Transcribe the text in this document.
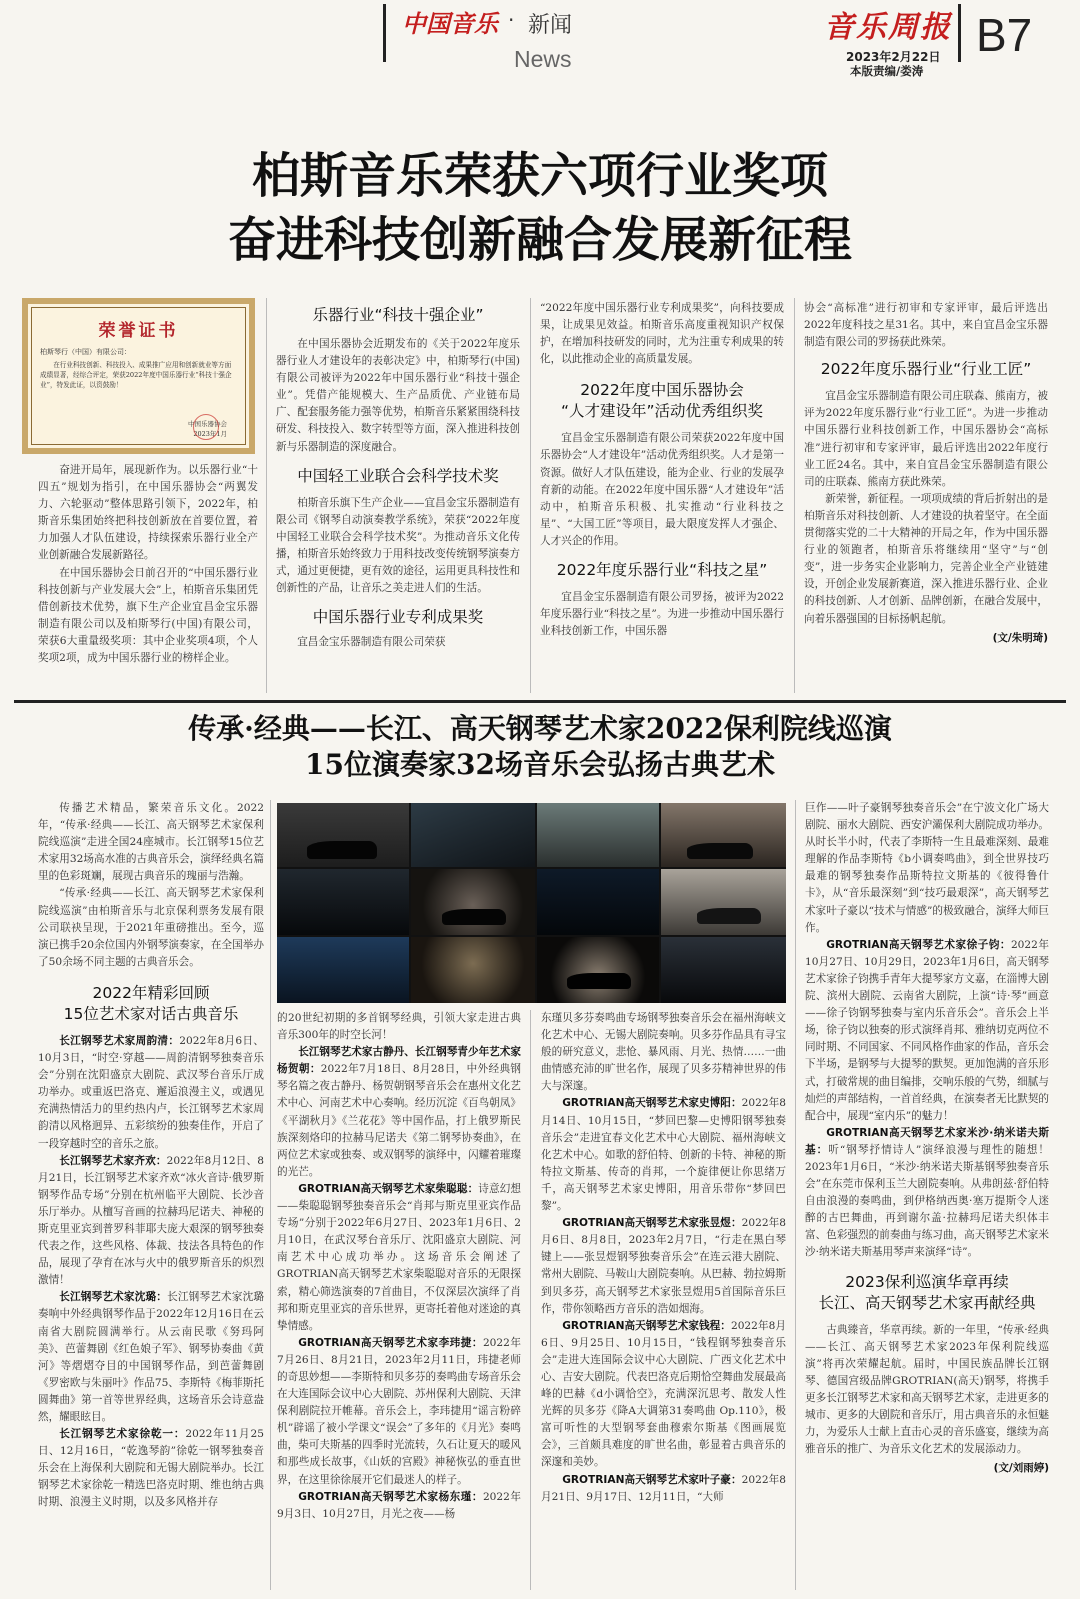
中国音乐 · 新闻
News
音乐周报
2023年2月22日
本版责编/娄涛
B7
柏斯音乐荣获六项行业奖项
奋进科技创新融合发展新征程
荣誉证书
柏斯琴行（中国）有限公司：
在行业科技创新、科技投入、成果推广应用和创新就业等方面成绩显著，经综合评定，荣获2022年度中国乐器行业“科技十强企业”，特发此证，以资鼓励！
中国乐器协会
2023年1月
奋进开局年，展现新作为。以乐器行业“十四五”规划为指引，在中国乐器协会“两翼发力、六轮驱动”整体思路引领下，2022年，柏斯音乐集团始终把科技创新放在首要位置，着力加强人才队伍建设，持续探索乐器行业全产业创新融合发展新路径。
在中国乐器协会日前召开的“中国乐器行业科技创新与产业发展大会”上，柏斯音乐集团凭借创新技术优势，旗下生产企业宜昌金宝乐器制造有限公司以及柏斯琴行(中国)有限公司，荣获6大重量级奖项：其中企业奖项4项，个人奖项2项，成为中国乐器行业的榜样企业。
乐器行业“科技十强企业”
在中国乐器协会近期发布的《关于2022年度乐器行业人才建设年的表彰决定》中，柏斯琴行(中国)有限公司被评为2022年中国乐器行业“科技十强企业”。凭借产能规模大、生产品质优、产业链布局广、配套服务能力强等优势，柏斯音乐紧紧围绕科技研发、科技投入、数字转型等方面，深入推进科技创新与乐器制造的深度融合。
中国轻工业联合会科学技术奖
柏斯音乐旗下生产企业——宜昌金宝乐器制造有限公司《钢琴自动演奏教学系统》，荣获“2022年度中国轻工业联合会科学技术奖”。为推动音乐文化传播，柏斯音乐始终致力于用科技改变传统钢琴演奏方式，通过更便捷，更有效的途径，运用更具科技性和创新性的产品，让音乐之美走进人们的生活。
中国乐器行业专利成果奖
宜昌金宝乐器制造有限公司荣获
“2022年度中国乐器行业专利成果奖”，向科技要成果，让成果见效益。柏斯音乐高度重视知识产权保护，在增加科技研发的同时，尤为注重专利成果的转化，以此推动企业的高质量发展。
2022年度中国乐器协会
“人才建设年”活动优秀组织奖
宜昌金宝乐器制造有限公司荣获2022年度中国乐器协会“人才建设年”活动优秀组织奖。人才是第一资源。做好人才队伍建设，能为企业、行业的发展孕育新的动能。在2022年度中国乐器“人才建设年”活动中，柏斯音乐积极、扎实推动“行业科技之星”、“大国工匠”等项目，最大限度发挥人才强企、人才兴企的作用。
2022年度乐器行业“科技之星”
宜昌金宝乐器制造有限公司罗扬，被评为2022年度乐器行业“科技之星”。为进一步推动中国乐器行业科技创新工作，中国乐器
协会“高标准”进行初审和专家评审，最后评选出2022年度科技之星31名。其中，来自宜昌金宝乐器制造有限公司的罗扬获此殊荣。
2022年度乐器行业“行业工匠”
宜昌金宝乐器制造有限公司庄联森、熊南方，被评为2022年度乐器行业“行业工匠”。为进一步推动中国乐器行业科技创新工作，中国乐器协会“高标准”进行初审和专家评审，最后评选出2022年度行业工匠24名。其中，来自宜昌金宝乐器制造有限公司的庄联森、熊南方获此殊荣。
新荣誉，新征程。一项项成绩的背后折射出的是柏斯音乐对科技创新、人才建设的执着坚守。在全面贯彻落实党的二十大精神的开局之年，作为中国乐器行业的领跑者，柏斯音乐将继续用“坚守”与“创变”，进一步务实企业影响力，完善企业全产业链建设，开创企业发展新赛道，深入推进乐器行业、企业的科技创新、人才创新、品牌创新，在融合发展中，向着乐器强国的目标扬帆起航。
(文/朱明琦)
传承·经典——长江、高天钢琴艺术家2022保利院线巡演
15位演奏家32场音乐会弘扬古典艺术
传播艺术精品，繁荣音乐文化。2022年，“传承·经典——长江、高天钢琴艺术家保利院线巡演”走进全国24座城市。长江钢琴15位艺术家用32场高水准的古典音乐会，演绎经典名篇里的色彩斑斓，展现古典音乐的瑰丽与浩瀚。
“传承·经典——长江、高天钢琴艺术家保利院线巡演”由柏斯音乐与北京保利票务发展有限公司联袂呈现，于2021年重磅推出。至今，巡演已携手20余位国内外钢琴演奏家，在全国举办了50余场不同主题的古典音乐会。
2022年精彩回顾
15位艺术家对话古典音乐
长江钢琴艺术家周韵清：2022年8月6日、10月3日，“时空·穿越——周韵清钢琴独奏音乐会”分别在沈阳盛京大剧院、武汉琴台音乐厅成功举办。或重返巴洛克、邂逅浪漫主义，或遇见充满热情活力的里约热内卢，长江钢琴艺术家周韵清以风格迥异、五彩缤纷的独奏佳作，开启了一段穿越时空的音乐之旅。
长江钢琴艺术家齐欢：2022年8月12日、8月21日，长江钢琴艺术家齐欢“冰火音诗·俄罗斯钢琴作品专场”分别在杭州临平大剧院、长沙音乐厅举办。从檀写音画的拉赫玛尼诺夫、神秘的斯克里亚宾到普罗科菲耶夫庞大艰深的钢琴独奏代表之作，这些风格、体裁、技法各具特色的作品，展现了孕育在冰与火中的俄罗斯音乐的炽烈激情！
长江钢琴艺术家沈璐：长江钢琴艺术家沈璐奏响中外经典钢琴作品于2022年12月16日在云南省大剧院圆满举行。从云南民歌《努玛阿美》、芭蕾舞剧《红色娘子军》、钢琴协奏曲《黄河》等熠熠夺目的中国钢琴作品，到芭蕾舞剧《罗密欧与朱丽叶》作品75、李斯特《梅菲斯托圆舞曲》第一首等世界经典，这场音乐会诗意盎然，耀眼眩目。
长江钢琴艺术家徐乾一：2022年11月25日、12月16日，“乾逸琴韵”徐乾一钢琴独奏音乐会在上海保利大剧院和无锡大剧院举办。长江钢琴艺术家徐乾一精选巴洛克时期、维也纳古典时期、浪漫主义时期，以及多风格并存
的20世纪初期的多首钢琴经典，引领大家走进古典音乐300年的时空长河！
长江钢琴艺术家古静丹、长江钢琴青少年艺术家杨贺朝：2022年7月18日、8月28日，中外经典钢琴名篇之夜古静丹、杨贺朝钢琴音乐会在惠州文化艺术中心、河南艺术中心奏响。经历沉淀《百鸟朝凤》《平湖秋月》《兰花花》等中国作品，打上俄罗斯民族深刻烙印的拉赫马尼诺夫《第二钢琴协奏曲》，在两位艺术家或独奏、或双钢琴的演绎中，闪耀着璀璨的光芒。
GROTRIAN高天钢琴艺术家柴聪聪：诗意幻想——柴聪聪钢琴独奏音乐会“肖邦与斯克里亚宾作品专场”分别于2022年6月27日、2023年1月6日、2月10日，在武汉琴台音乐厅、沈阳盛京大剧院、河南艺术中心成功举办。这场音乐会阐述了GROTRIAN高天钢琴艺术家柴聪聪对音乐的无限探索，精心筛选演奏的7首曲目，不仅深层次演绎了肖邦和斯克里亚宾的音乐世界，更寄托着他对迷途的真挚情感。
GROTRIAN高天钢琴艺术家李玮捷：2022年7月26日、8月21日，2023年2月11日，玮捷老师的奇思妙想——李斯特和贝多芬的奏鸣曲专场音乐会在大连国际会议中心大剧院、苏州保利大剧院、天津保利剧院拉开帷幕。音乐会上，李玮捷用“谣言粉碎机”辟谣了被小学课文“误会”了多年的《月光》奏鸣曲，柴可夫斯基的四季时光流转，久石让夏天的暖风和那些成长故事，《山妖的宫殿》神秘恢弘的垂直世界，在这里徐徐展开它们最迷人的样子。
GROTRIAN高天钢琴艺术家杨东瑾：2022年9月3日、10月27日，月光之夜——杨
东瑾贝多芬奏鸣曲专场钢琴独奏音乐会在福州海峡文化艺术中心、无锡大剧院奏响。贝多芬作品具有寻宝般的研究意义，悲怆、暴风雨、月光、热情……一曲曲情感充沛的旷世名作，展现了贝多芬精神世界的伟大与深邃。
GROTRIAN高天钢琴艺术家史博阳：2022年8月14日、10月15日，“梦回巴黎—史博阳钢琴独奏音乐会”走进宜春文化艺术中心大剧院、福州海峡文化艺术中心。如歌的舒伯特、创新的卡特、神秘的斯特拉文斯基、传奇的肖邦，一个旋律便让你思绪万千，高天钢琴艺术家史博阳，用音乐带你“梦回巴黎”。
GROTRIAN高天钢琴艺术家张昱煜：2022年8月6日、8月8日，2023年2月7日，“行走在黑白琴键上——张昱煜钢琴独奏音乐会”在连云港大剧院、常州大剧院、马鞍山大剧院奏响。从巴赫、勃拉姆斯到贝多芬，高天钢琴艺术家张昱煜用5首国际音乐巨作，带你领略西方音乐的浩如烟海。
GROTRIAN高天钢琴艺术家钱程：2022年8月6日、9月25日、10月15日，“钱程钢琴独奏音乐会”走进大连国际会议中心大剧院、广西文化艺术中心、吉安大剧院。代表巴洛克后期恰空舞曲发展最高峰的巴赫《d小调恰空》，充满深沉思考、散发人性光辉的贝多芬《降A大调第31奏鸣曲 Op.110》，极富可听性的大型钢琴套曲穆索尔斯基《图画展览会》，三首颇具难度的旷世名曲，彰显着古典音乐的深邃和美妙。
GROTRIAN高天钢琴艺术家叶子豪：2022年8月21日、9月17日、12月11日，“大师
巨作——叶子豪钢琴独奏音乐会”在宁波文化广场大剧院、丽水大剧院、西安沪灞保利大剧院成功举办。从时长半小时，代表了李斯特一生且最难深刻、最难理解的作品李斯特《b小调奏鸣曲》，到全世界技巧最难的钢琴独奏作品斯特拉文斯基的《彼得鲁什卡》，从“音乐最深刻”到“技巧最艰深”，高天钢琴艺术家叶子豪以“技术与情感”的极致融合，演绎大师巨作。
GROTRIAN高天钢琴艺术家徐子钧：2022年10月27日、10月29日，2023年1月6日，高天钢琴艺术家徐子钧携手青年大提琴家方文嘉，在淄博大剧院、滨州大剧院、云南省大剧院，上演“诗·琴”画意——徐子钧钢琴独奏与室内乐音乐会”。音乐会上半场，徐子钧以独奏的形式演绎肖邦、雅纳切克两位不同时期、不同国家、不同风格作曲家的作品，音乐会下半场，是钢琴与大提琴的默契。更加饱满的音乐形式，打破常规的曲目编排，交响乐般的气势，细腻与灿烂的声部结构，一首首经典，在演奏者无比默契的配合中，展现“室内乐”的魅力！
GROTRIAN高天钢琴艺术家米沙·纳米诺夫斯基：听“钢琴抒情诗人”演绎浪漫与理性的随想！2023年1月6日，“米沙·纳米诺夫斯基钢琴独奏音乐会”在东莞市保利玉兰大剧院奏响。从弗朗兹·舒伯特自由浪漫的奏鸣曲，到伊格纳西奥·塞万提斯令人迷醉的古巴舞曲，再到谢尔盖·拉赫玛尼诺夫织体丰富、色彩强烈的前奏曲与练习曲，高天钢琴艺术家米沙·纳米诺夫斯基用琴声来演绎“诗”。
2023保利巡演华章再续
长江、高天钢琴艺术家再献经典
古典臻音，华章再续。新的一年里，“传承·经典——长江、高天钢琴艺术家2023年保利院线巡演”将再次荣耀起航。届时，中国民族品牌长江钢琴、德国宫级品牌GROTRIAN(高天)钢琴，将携手更多长江钢琴艺术家和高天钢琴艺术家，走进更多的城市、更多的大剧院和音乐厅，用古典音乐的永恒魅力，为爱乐人士献上直击心灵的音乐盛宴，继续为高雅音乐的推广、为音乐文化艺术的发展添动力。
(文/刘雨婷)
